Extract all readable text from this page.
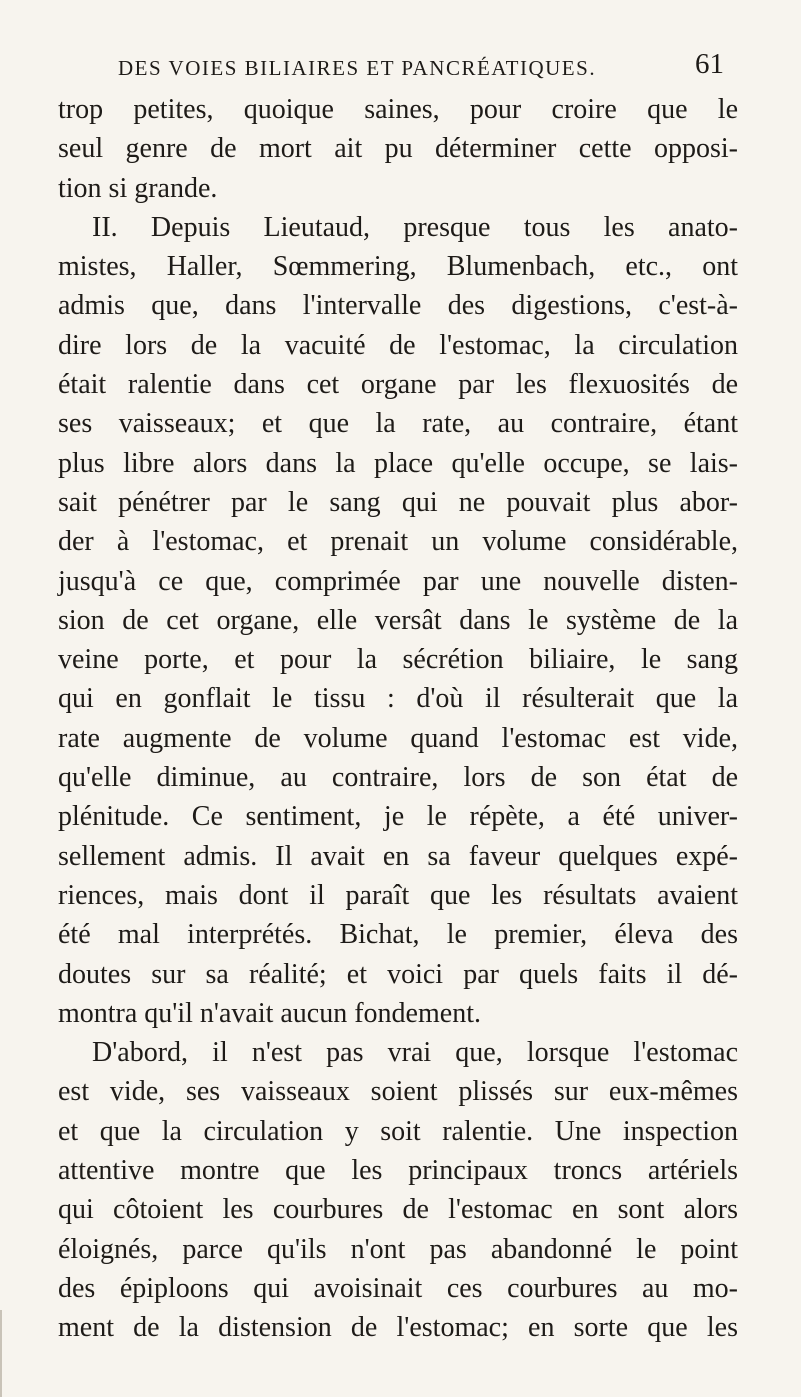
DES VOIES BILIAIRES ET PANCRÉATIQUES.	61
trop petites, quoique saines, pour croire que le
seul genre de mort ait pu déterminer cette opposi-
tion si grande.
II. Depuis Lieutaud, presque tous les anato-
mistes, Haller, Sœmmering, Blumenbach, etc., ont
admis que, dans l'intervalle des digestions, c'est-à-
dire lors de la vacuité de l'estomac, la circulation
était ralentie dans cet organe par les flexuosités de
ses vaisseaux; et que la rate, au contraire, étant
plus libre alors dans la place qu'elle occupe, se lais-
sait pénétrer par le sang qui ne pouvait plus abor-
der à l'estomac, et prenait un volume considérable,
jusqu'à ce que, comprimée par une nouvelle disten-
sion de cet organe, elle versât dans le système de la
veine porte, et pour la sécrétion biliaire, le sang
qui en gonflait le tissu : d'où il résulterait que la
rate augmente de volume quand l'estomac est vide,
qu'elle diminue, au contraire, lors de son état de
plénitude. Ce sentiment, je le répète, a été univer-
sellement admis. Il avait en sa faveur quelques expé-
riences, mais dont il paraît que les résultats avaient
été mal interprétés. Bichat, le premier, éleva des
doutes sur sa réalité; et voici par quels faits il dé-
montra qu'il n'avait aucun fondement.
D'abord, il n'est pas vrai que, lorsque l'estomac
est vide, ses vaisseaux soient plissés sur eux-mêmes
et que la circulation y soit ralentie. Une inspection
attentive montre que les principaux troncs artériels
qui côtoient les courbures de l'estomac en sont alors
éloignés, parce qu'ils n'ont pas abandonné le point
des épiploons qui avoisinait ces courbures au mo-
ment de la distension de l'estomac; en sorte que les
